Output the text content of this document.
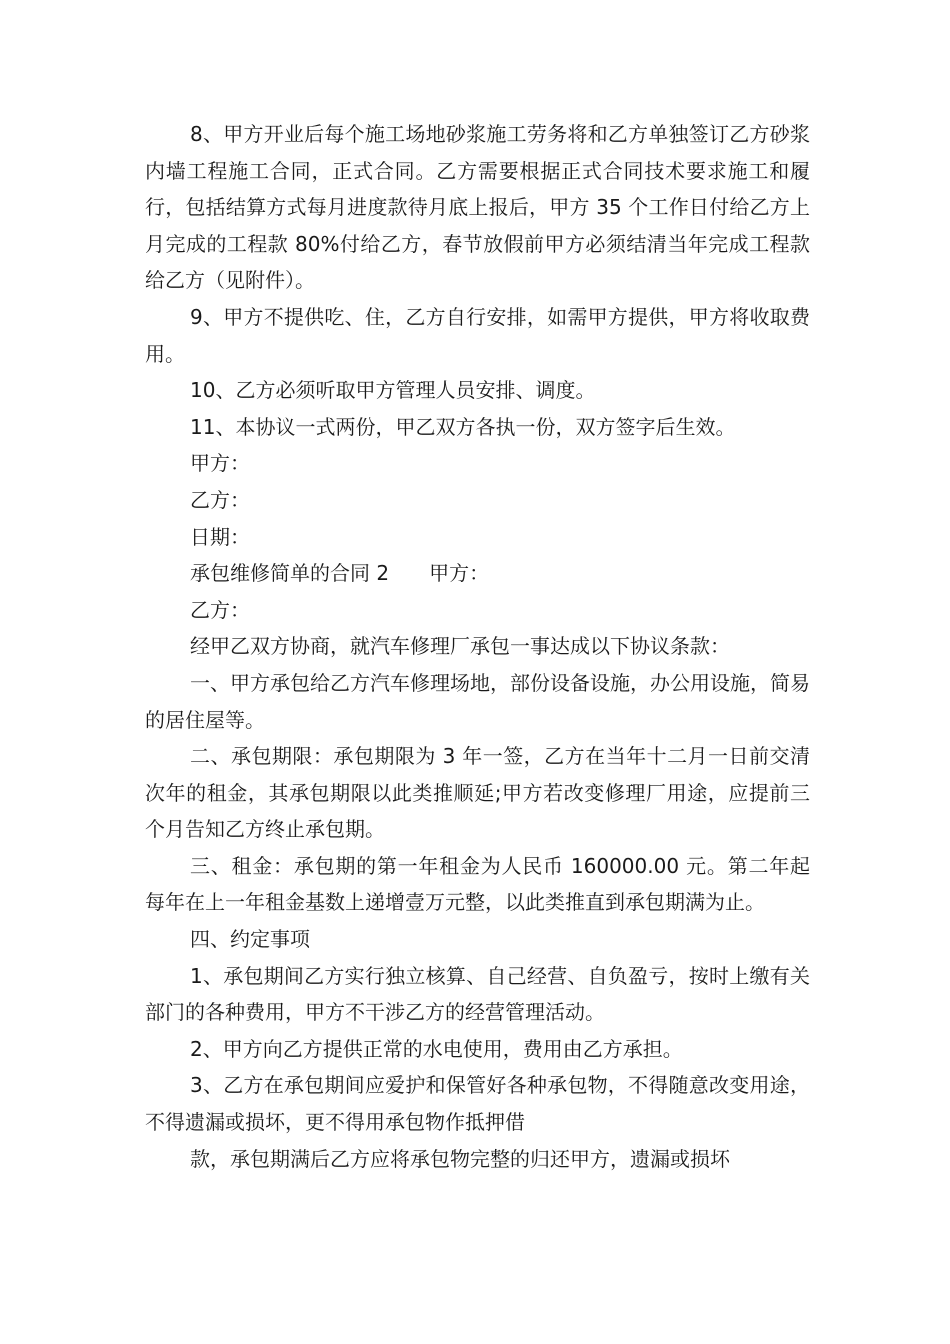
8、甲方开业后每个施工场地砂浆施工劳务将和乙方单独签订乙方砂浆内墙工程施工合同，正式合同。乙方需要根据正式合同技术要求施工和履行，包括结算方式每月进度款待月底上报后，甲方 35 个工作日付给乙方上月完成的工程款 80%付给乙方，春节放假前甲方必须结清当年完成工程款给乙方（见附件）。

9、甲方不提供吃、住，乙方自行安排，如需甲方提供，甲方将收取费用。

10、乙方必须听取甲方管理人员安排、调度。

11、本协议一式两份，甲乙双方各执一份，双方签字后生效。

甲方：

乙方：

日期：

承包维修简单的合同 2 甲方：

乙方：

经甲乙双方协商，就汽车修理厂承包一事达成以下协议条款：

一、甲方承包给乙方汽车修理场地，部份设备设施，办公用设施，简易的居住屋等。

二、承包期限：承包期限为 3 年一签，乙方在当年十二月一日前交清次年的租金，其承包期限以此类推顺延;甲方若改变修理厂用途，应提前三个月告知乙方终止承包期。

三、租金：承包期的第一年租金为人民币 160000.00 元。第二年起每年在上一年租金基数上递增壹万元整，以此类推直到承包期满为止。

四、约定事项

1、承包期间乙方实行独立核算、自己经营、自负盈亏，按时上缴有关部门的各种费用，甲方不干涉乙方的经营管理活动。

2、甲方向乙方提供正常的水电使用，费用由乙方承担。

3、乙方在承包期间应爱护和保管好各种承包物，不得随意改变用途，不得遗漏或损坏，更不得用承包物作抵押借

款，承包期满后乙方应将承包物完整的归还甲方，遗漏或损坏
